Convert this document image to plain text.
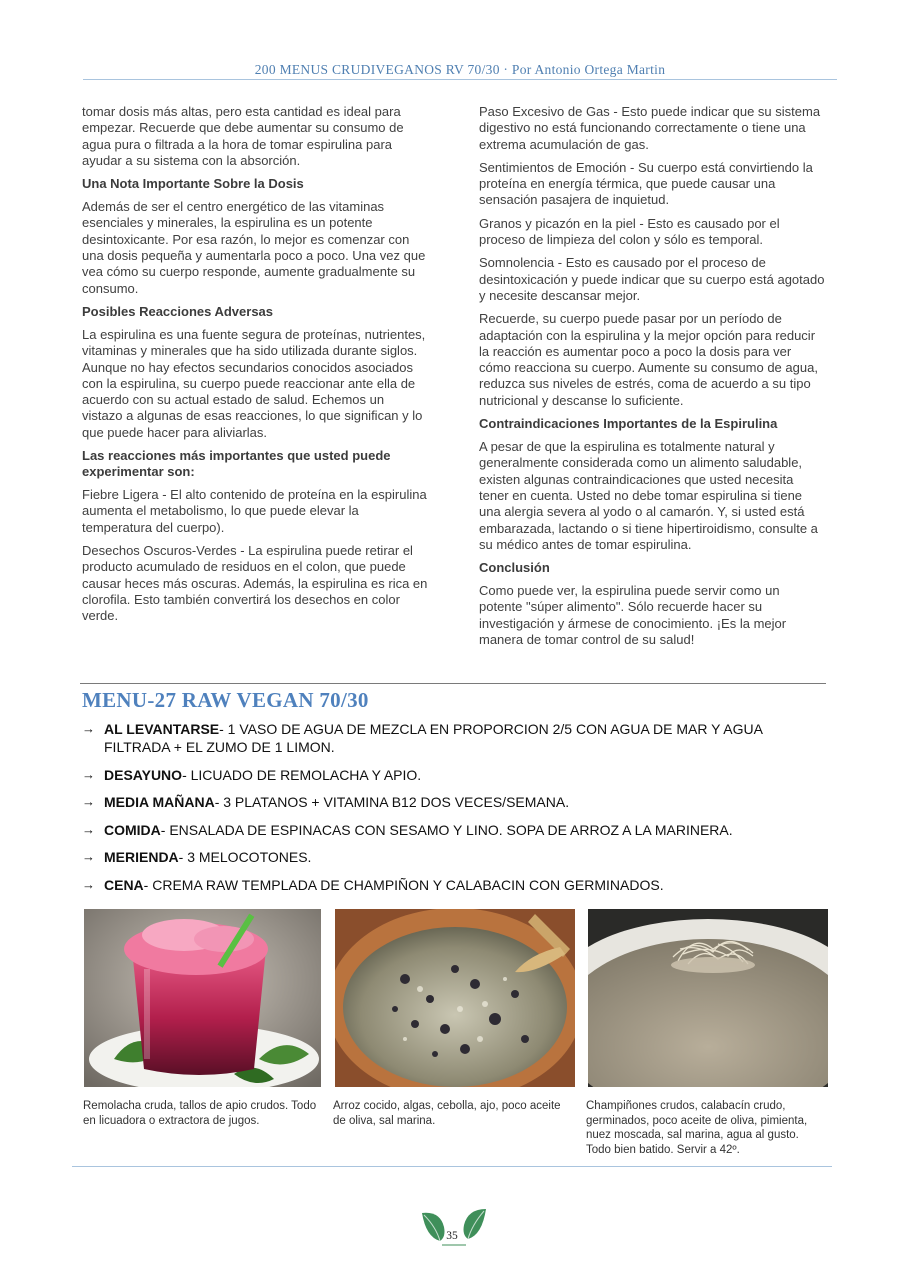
200 MENUS CRUDIVEGANOS RV 70/30 · Por Antonio Ortega Martin

tomar dosis más altas, pero esta cantidad es ideal para empezar. Recuerde que debe aumentar su consumo de agua pura o filtrada a la hora de tomar espirulina para ayudar a su sistema con la absorción.

Una Nota Importante Sobre la Dosis

Además de ser el centro energético de las vitaminas esenciales y minerales, la espirulina es un potente desintoxicante. Por esa razón, lo mejor es comenzar con una dosis pequeña y aumentarla poco a poco. Una vez que vea cómo su cuerpo responde, aumente gradualmente su consumo.

Posibles Reacciones Adversas

La espirulina es una fuente segura de proteínas, nutrientes, vitaminas y minerales que ha sido utilizada durante siglos. Aunque no hay efectos secundarios conocidos asociados con la espirulina, su cuerpo puede reaccionar ante ella de acuerdo con su actual estado de salud. Echemos un vistazo a algunas de esas reacciones, lo que significan y lo que puede hacer para aliviarlas.

Las reacciones más importantes que usted puede experimentar son:

Fiebre Ligera - El alto contenido de proteína en la espirulina aumenta el metabolismo, lo que puede elevar la temperatura del cuerpo).

Desechos Oscuros-Verdes - La espirulina puede retirar el producto acumulado de residuos en el colon, que puede causar heces más oscuras. Además, la espirulina es rica en clorofila. Esto también convertirá los desechos en color verde.

Paso Excesivo de Gas - Esto puede indicar que su sistema digestivo no está funcionando correctamente o tiene una extrema acumulación de gas.

Sentimientos de Emoción - Su cuerpo está convirtiendo la proteína en energía térmica, que puede causar una sensación pasajera de inquietud.

Granos y picazón en la piel - Esto es causado por el proceso de limpieza del colon y sólo es temporal.

Somnolencia - Esto es causado por el proceso de desintoxicación y puede indicar que su cuerpo está agotado y necesite descansar mejor.

Recuerde, su cuerpo puede pasar por un período de adaptación con la espirulina y la mejor opción para reducir la reacción es aumentar poco a poco la dosis para ver cómo reacciona su cuerpo. Aumente su consumo de agua, reduzca sus niveles de estrés, coma de acuerdo a su tipo nutricional y descanse lo suficiente.

Contraindicaciones Importantes de la Espirulina

A pesar de que la espirulina es totalmente natural y generalmente considerada como un alimento saludable, existen algunas contraindicaciones que usted necesita tener en cuenta. Usted no debe tomar espirulina si tiene una alergia severa al yodo o al camarón. Y, si usted está embarazada, lactando o si tiene hipertiroidismo, consulte a su médico antes de tomar espirulina.

Conclusión

Como puede ver, la espirulina puede servir como un potente "súper alimento". Sólo recuerde hacer su investigación y ármese de conocimiento. ¡Es la mejor manera de tomar control de su salud!

MENU-27 RAW VEGAN 70/30
→ AL LEVANTARSE- 1 VASO DE AGUA DE MEZCLA EN PROPORCION 2/5 CON AGUA DE MAR Y AGUA FILTRADA + EL ZUMO DE 1 LIMON.
→ DESAYUNO- LICUADO DE REMOLACHA Y APIO.
→ MEDIA MAÑANA- 3 PLATANOS + VITAMINA B12 DOS VECES/SEMANA.
→ COMIDA- ENSALADA DE ESPINACAS CON SESAMO Y LINO. SOPA DE ARROZ A LA MARINERA.
→ MERIENDA- 3 MELOCOTONES.
→ CENA- CREMA RAW TEMPLADA DE CHAMPIÑON Y CALABACIN CON GERMINADOS.
Remolacha cruda, tallos de apio crudos. Todo en licuadora o extractora de jugos.
Arroz cocido, algas, cebolla, ajo, poco aceite de oliva, sal marina.
Champiñones crudos, calabacín crudo, germinados, poco aceite de oliva, pimienta, nuez moscada, sal marina, agua al gusto. Todo bien batido. Servir a 42º.
35
